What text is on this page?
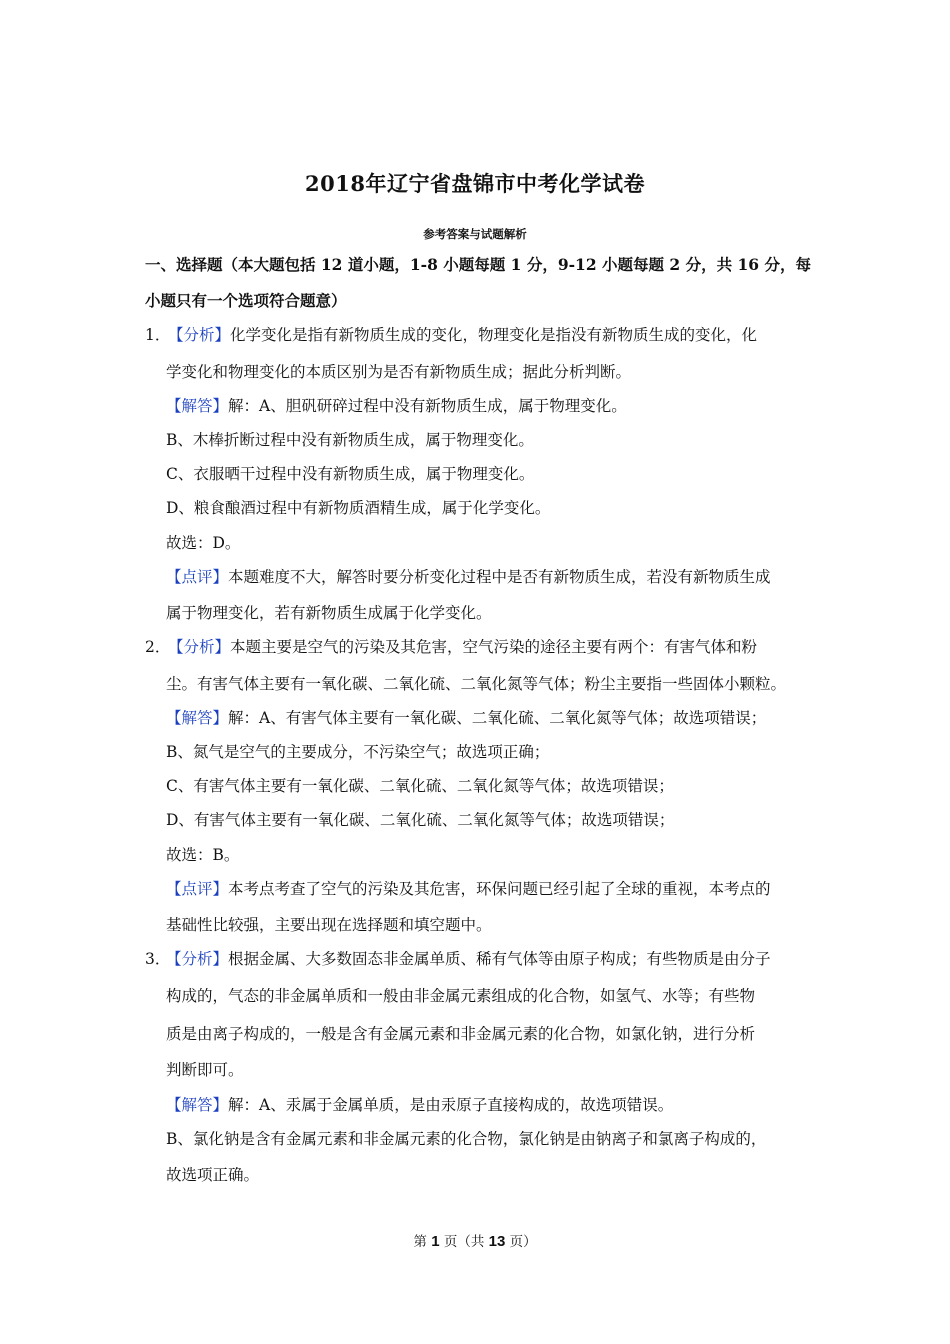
2018年辽宁省盘锦市中考化学试卷
参考答案与试题解析
一、选择题（本大题包括 12 道小题，1-8 小题每题 1 分，9-12 小题每题 2 分，共 16 分，每
小题只有一个选项符合题意）
1．
【分析】化学变化是指有新物质生成的变化，物理变化是指没有新物质生成的变化，化
学变化和物理变化的本质区别为是否有新物质生成；据此分析判断。
【解答】解：A、胆矾研碎过程中没有新物质生成，属于物理变化。
B、木棒折断过程中没有新物质生成，属于物理变化。
C、衣服晒干过程中没有新物质生成，属于物理变化。
D、粮食酿酒过程中有新物质酒精生成，属于化学变化。
故选：D。
【点评】本题难度不大，解答时要分析变化过程中是否有新物质生成，若没有新物质生成
属于物理变化，若有新物质生成属于化学变化。
2．
【分析】本题主要是空气的污染及其危害，空气污染的途径主要有两个：有害气体和粉
尘。有害气体主要有一氧化碳、二氧化硫、二氧化氮等气体；粉尘主要指一些固体小颗粒。
【解答】解：A、有害气体主要有一氧化碳、二氧化硫、二氧化氮等气体；故选项错误；
B、氮气是空气的主要成分，不污染空气；故选项正确；
C、有害气体主要有一氧化碳、二氧化硫、二氧化氮等气体；故选项错误；
D、有害气体主要有一氧化碳、二氧化硫、二氧化氮等气体；故选项错误；
故选：B。
【点评】本考点考查了空气的污染及其危害，环保问题已经引起了全球的重视，本考点的
基础性比较强，主要出现在选择题和填空题中。
3．
【分析】根据金属、大多数固态非金属单质、稀有气体等由原子构成；有些物质是由分子
构成的，气态的非金属单质和一般由非金属元素组成的化合物，如氢气、水等；有些物
质是由离子构成的，一般是含有金属元素和非金属元素的化合物，如氯化钠，进行分析
判断即可。
【解答】解：A、汞属于金属单质，是由汞原子直接构成的，故选项错误。
B、氯化钠是含有金属元素和非金属元素的化合物，氯化钠是由钠离子和氯离子构成的，
故选项正确。
第 1 页（共 13 页）
